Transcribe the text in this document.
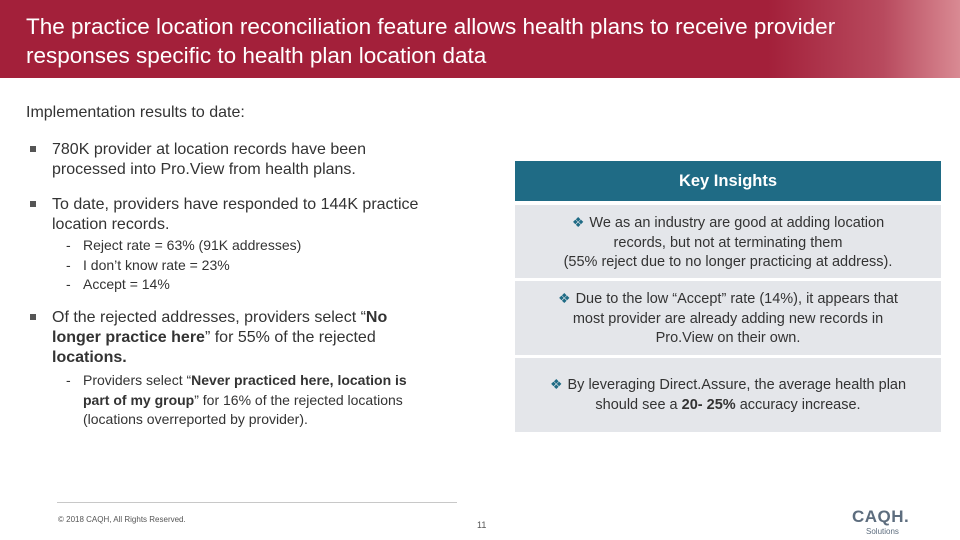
The practice location reconciliation feature allows health plans to receive provider
responses specific to health plan location data
Implementation results to date:
780K provider at location records have been
processed into Pro.View from health plans.
To date, providers have responded to 144K practice
location records.
- Reject rate = 63% (91K addresses)
- I don’t know rate = 23%
- Accept = 14%
Of the rejected addresses, providers select “No
longer practice here” for 55% of the rejected
locations.
- Providers select “Never practiced here, location is
part of my group” for 16% of the rejected locations
(locations overreported by provider).
Key Insights
❖ We as an industry are good at adding location
records, but not at terminating them
(55% reject due to no longer practicing at address).
❖ Due to the low “Accept” rate (14%), it appears that
most provider are already adding new records in
Pro.View on their own.
❖ By leveraging Direct.Assure, the average health plan
should see a 20- 25% accuracy increase.
© 2018 CAQH, All Rights Reserved.
11	CAQH.
Solutions
